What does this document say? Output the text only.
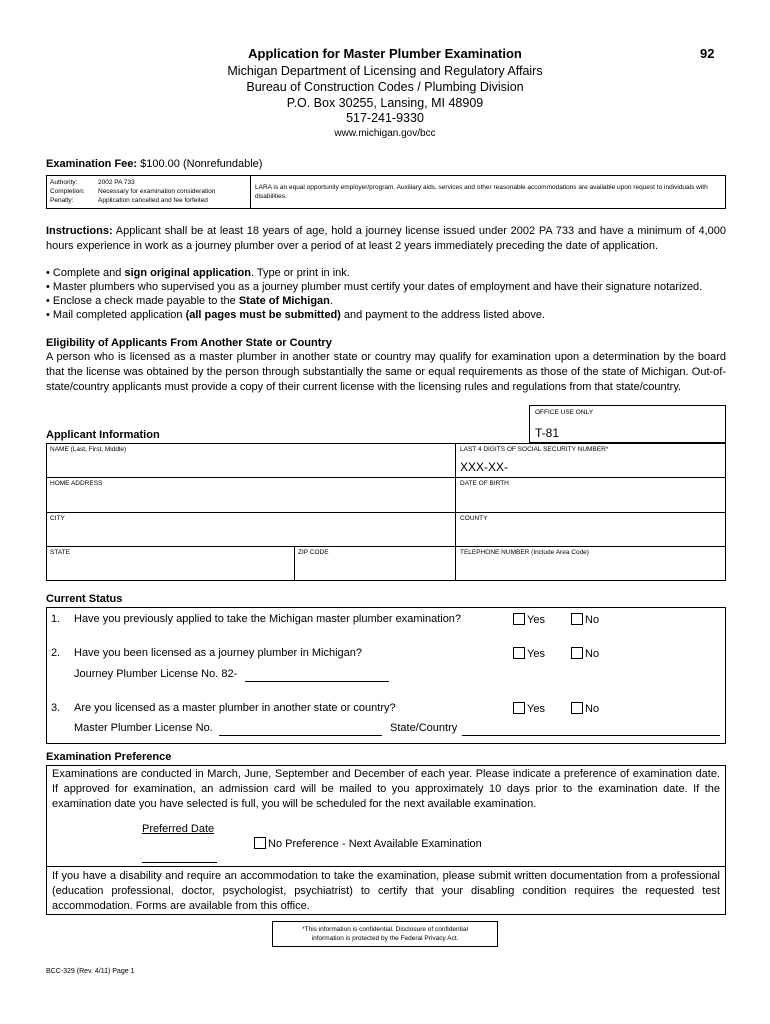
Application for Master Plumber Examination	92
Michigan Department of Licensing and Regulatory Affairs
Bureau of Construction Codes / Plumbing Division
P.O. Box 30255, Lansing, MI 48909
517-241-9330
www.michigan.gov/bcc
Examination Fee: $100.00 (Nonrefundable)
Authority:	2002 PA 733
Completion: Necessary for examination consideration
Penalty:	Application cancelled and fee forfeited
LARA is an equal opportunity employer/program. Auxiliary aids, services and other reasonable accommodations are available upon request to individuals with disabilities.
Instructions: Applicant shall be at least 18 years of age, hold a journey license issued under 2002 PA 733 and have a minimum of 4,000 hours experience in work as a journey plumber over a period of at least 2 years immediately preceding the date of application.
• Complete and sign original application. Type or print in ink.
• Master plumbers who supervised you as a journey plumber must certify your dates of employment and have their signature notarized.
• Enclose a check made payable to the State of Michigan.
• Mail completed application (all pages must be submitted) and payment to the address listed above.
Eligibility of Applicants From Another State or Country
A person who is licensed as a master plumber in another state or country may qualify for examination upon a determination by the board that the license was obtained by the person through substantially the same or equal requirements as those of the state of Michigan. Out-of-state/country applicants must provide a copy of their current license with the licensing rules and regulations from that state/country.
OFFICE USE ONLY
T-81
Applicant Information
NAME (Last, First, Middle)	LAST 4 DIGITS OF SOCIAL SECURITY NUMBER*
XXX-XX-
HOME ADDRESS	DATE OF BIRTH
CITY	COUNTY
STATE	ZIP CODE	TELEPHONE NUMBER (Include Area Code)
Current Status
1. Have you previously applied to take the Michigan master plumber examination?	Yes	No
2. Have you been licensed as a journey plumber in Michigan?	Yes	No
Journey Plumber License No. 82-
3. Are you licensed as a master plumber in another state or country?	Yes	No
Master Plumber License No.	State/Country
Examination Preference
Examinations are conducted in March, June, September and December of each year. Please indicate a preference of examination date. If approved for examination, an admission card will be mailed to you approximately 10 days prior to the examination date. If the examination date you have selected is full, you will be scheduled for the next available examination.
Preferred Date
No Preference - Next Available Examination
If you have a disability and require an accommodation to take the examination, please submit written documentation from a professional (education professional, doctor, psychologist, psychiatrist) to certify that your disabling condition requires the requested test accommodation. Forms are available from this office.
*This information is confidential. Disclosure of confidential
information is protected by the Federal Privacy Act.
BCC-329 (Rev. 4/11) Page 1
